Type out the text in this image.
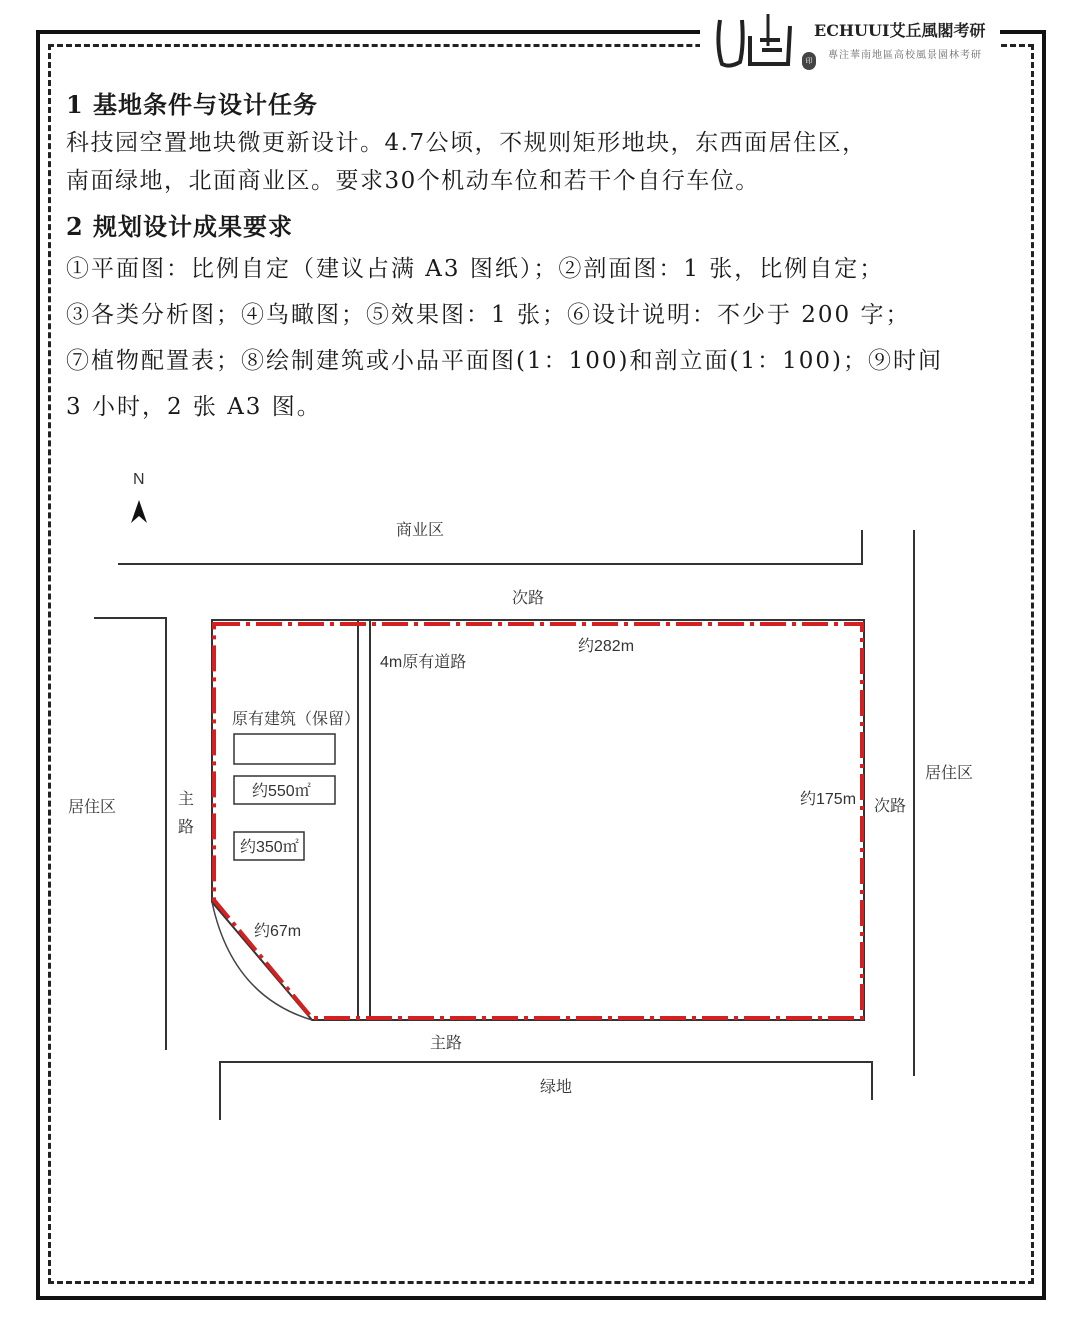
ECHUUI艾丘風閣考研
專注華南地區高校風景園林考研
印

1 基地条件与设计任务

科技园空置地块微更新设计。4.7公顷，不规则矩形地块，东西面居住区，

南面绿地，北面商业区。要求30个机动车位和若干个自行车位。

2 规划设计成果要求

①平面图：比例自定（建议占满 A3 图纸）；②剖面图：1 张，比例自定；

③各类分析图；④鸟瞰图；⑤效果图：1 张；⑥设计说明：不少于 200 字；

⑦植物配置表；⑧绘制建筑或小品平面图(1：100)和剖立面(1：100)；⑨时间

3 小时，2 张 A3 图。

N
商业区
次路
居住区	主
路
居住区
次路
主路
绿地
4m原有道路
原有建筑（保留）
约550㎡
约350㎡
约282m
约175m
约67m
